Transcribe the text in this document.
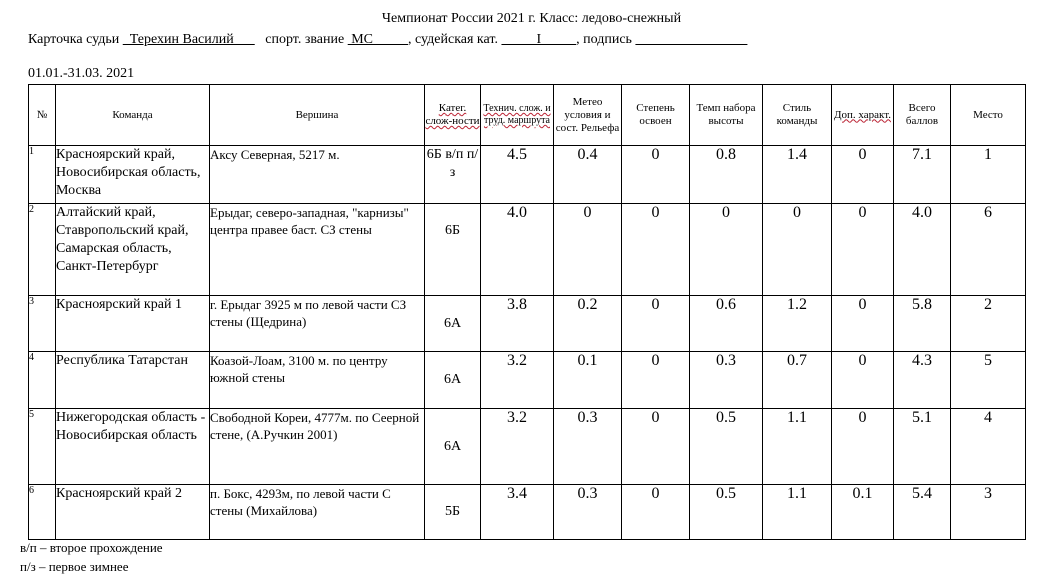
Чемпионат России 2021 г. Класс: ледово-снежный
Карточка судьи   Терехин Василий         спорт. звание  МС          , судейская кат.           I          , подпись
01.01.-31.03. 2021
№	Команда	Вершина	Катег. слож-ности	Технич. слож. и труд. маршрута	Метео условия и сост. Рельефа	Степень освоен	Темп набора высоты	Стиль команды	Доп. характ.	Всего баллов	Место
1	Красноярский край, Новосибирская область, Москва	Аксу Северная, 5217 м.	6Б в/п п/з	4.5	0.4	0	0.8	1.4	0	7.1	1
2	Алтайский край, Ставропольский край, Самарская область, Санкт-Петербург	Ерыдаг, северо-западная, "карнизы" центра правее баст. СЗ стены	6Б	4.0	0	0	0	0	0	4.0	6
3	Красноярский край 1	г. Ерыдаг 3925 м по левой части СЗ стены (Щедрина)	6А	3.8	0.2	0	0.6	1.2	0	5.8	2
4	Республика Татарстан	Коазой-Лоам, 3100 м. по центру южной стены	6А	3.2	0.1	0	0.3	0.7	0	4.3	5
5	Нижегородская область - Новосибирская область	Свободной Кореи, 4777м. по Сеерной стене, (А.Ручкин 2001)	6А	3.2	0.3	0	0.5	1.1	0	5.1	4
6	Красноярский край 2	п. Бокс, 4293м, по левой части С стены (Михайлова)	5Б	3.4	0.3	0	0.5	1.1	0.1	5.4	3
в/п – второе прохождение
п/з – первое зимнее
